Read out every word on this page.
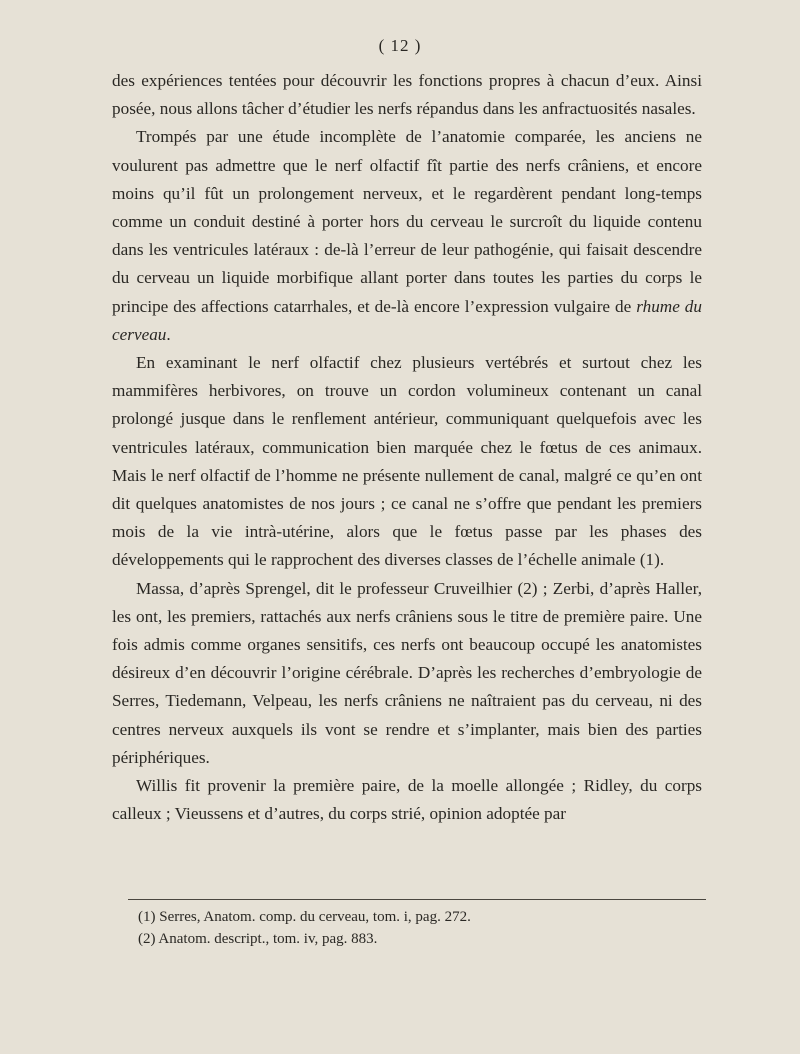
( 12 )

des expériences tentées pour découvrir les fonctions propres à chacun d’eux. Ainsi posée, nous allons tâcher d’étudier les nerfs répandus dans les anfractuosités nasales.

Trompés par une étude incomplète de l’anatomie comparée, les anciens ne voulurent pas admettre que le nerf olfactif fît partie des nerfs crâniens, et encore moins qu’il fût un prolongement nerveux, et le regardèrent pendant long-temps comme un conduit destiné à porter hors du cerveau le surcroît du liquide contenu dans les ventricules latéraux : de-là l’erreur de leur pathogénie, qui faisait descendre du cerveau un liquide morbifique allant porter dans toutes les parties du corps le principe des affections catarrhales, et de-là encore l’expression vulgaire de rhume du cerveau.

En examinant le nerf olfactif chez plusieurs vertébrés et surtout chez les mammifères herbivores, on trouve un cordon volumineux contenant un canal prolongé jusque dans le renflement antérieur, communiquant quelquefois avec les ventricules latéraux, communication bien marquée chez le fœtus de ces animaux. Mais le nerf olfactif de l’homme ne présente nullement de canal, malgré ce qu’en ont dit quelques anatomistes de nos jours ; ce canal ne s’offre que pendant les premiers mois de la vie intrà-utérine, alors que le fœtus passe par les phases des développements qui le rapprochent des diverses classes de l’échelle animale (1).

Massa, d’après Sprengel, dit le professeur Cruveilhier (2) ; Zerbi, d’après Haller, les ont, les premiers, rattachés aux nerfs crâniens sous le titre de première paire. Une fois admis comme organes sensitifs, ces nerfs ont beaucoup occupé les anatomistes désireux d’en découvrir l’origine cérébrale. D’après les recherches d’embryologie de Serres, Tiedemann, Velpeau, les nerfs crâniens ne naîtraient pas du cerveau, ni des centres nerveux auxquels ils vont se rendre et s’implanter, mais bien des parties périphériques.

Willis fit provenir la première paire, de la moelle allongée ; Ridley, du corps calleux ; Vieussens et d’autres, du corps strié, opinion adoptée par

(1) Serres, Anatom. comp. du cerveau, tom. i, pag. 272.
(2) Anatom. descript., tom. iv, pag. 883.
